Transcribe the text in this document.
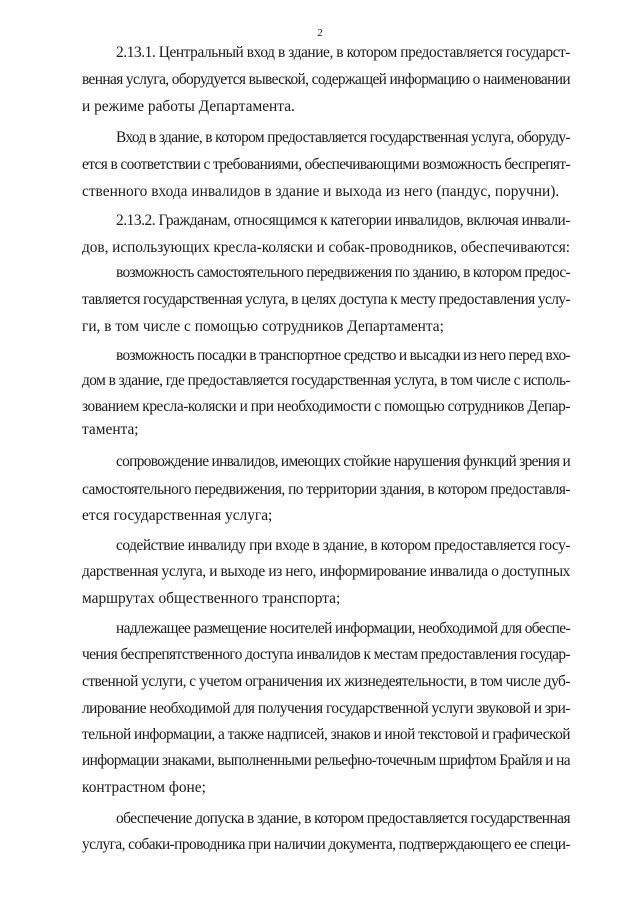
2
2.13.1. Центральный вход в здание, в котором предоставляется государст-
венная услуга, оборудуется вывеской, содержащей информацию о наименовании
и режиме работы Департамента.
Вход в здание, в котором предоставляется государственная услуга, оборуду-
ется в соответствии с требованиями, обеспечивающими возможность беспрепят-
ственного входа инвалидов в здание и выхода из него (пандус, поручни).
2.13.2. Гражданам, относящимся к категории инвалидов, включая инвали-
дов, использующих кресла-коляски и собак-проводников, обеспечиваются:
возможность самостоятельного передвижения по зданию, в котором предос-
тавляется государственная услуга, в целях доступа к месту предоставления услу-
ги, в том числе с помощью сотрудников Департамента;
возможность посадки в транспортное средство и высадки из него перед вхо-
дом в здание, где предоставляется государственная услуга, в том числе с исполь-
зованием кресла-коляски и при необходимости с помощью сотрудников Депар-
тамента;
сопровождение инвалидов, имеющих стойкие нарушения функций зрения и
самостоятельного передвижения, по территории здания, в котором предоставля-
ется государственная услуга;
содействие инвалиду при входе в здание, в котором предоставляется госу-
дарственная услуга, и выходе из него, информирование инвалида о доступных
маршрутах общественного транспорта;
надлежащее размещение носителей информации, необходимой для обеспе-
чения беспрепятственного доступа инвалидов к местам предоставления государ-
ственной услуги, с учетом ограничения их жизнедеятельности, в том числе дуб-
лирование необходимой для получения государственной услуги звуковой и зри-
тельной информации, а также надписей, знаков и иной текстовой и графической
информации знаками, выполненными рельефно-точечным шрифтом Брайля и на
контрастном фоне;
обеспечение допуска в здание, в котором предоставляется государственная
услуга, собаки-проводника при наличии документа, подтверждающего ее специ-
